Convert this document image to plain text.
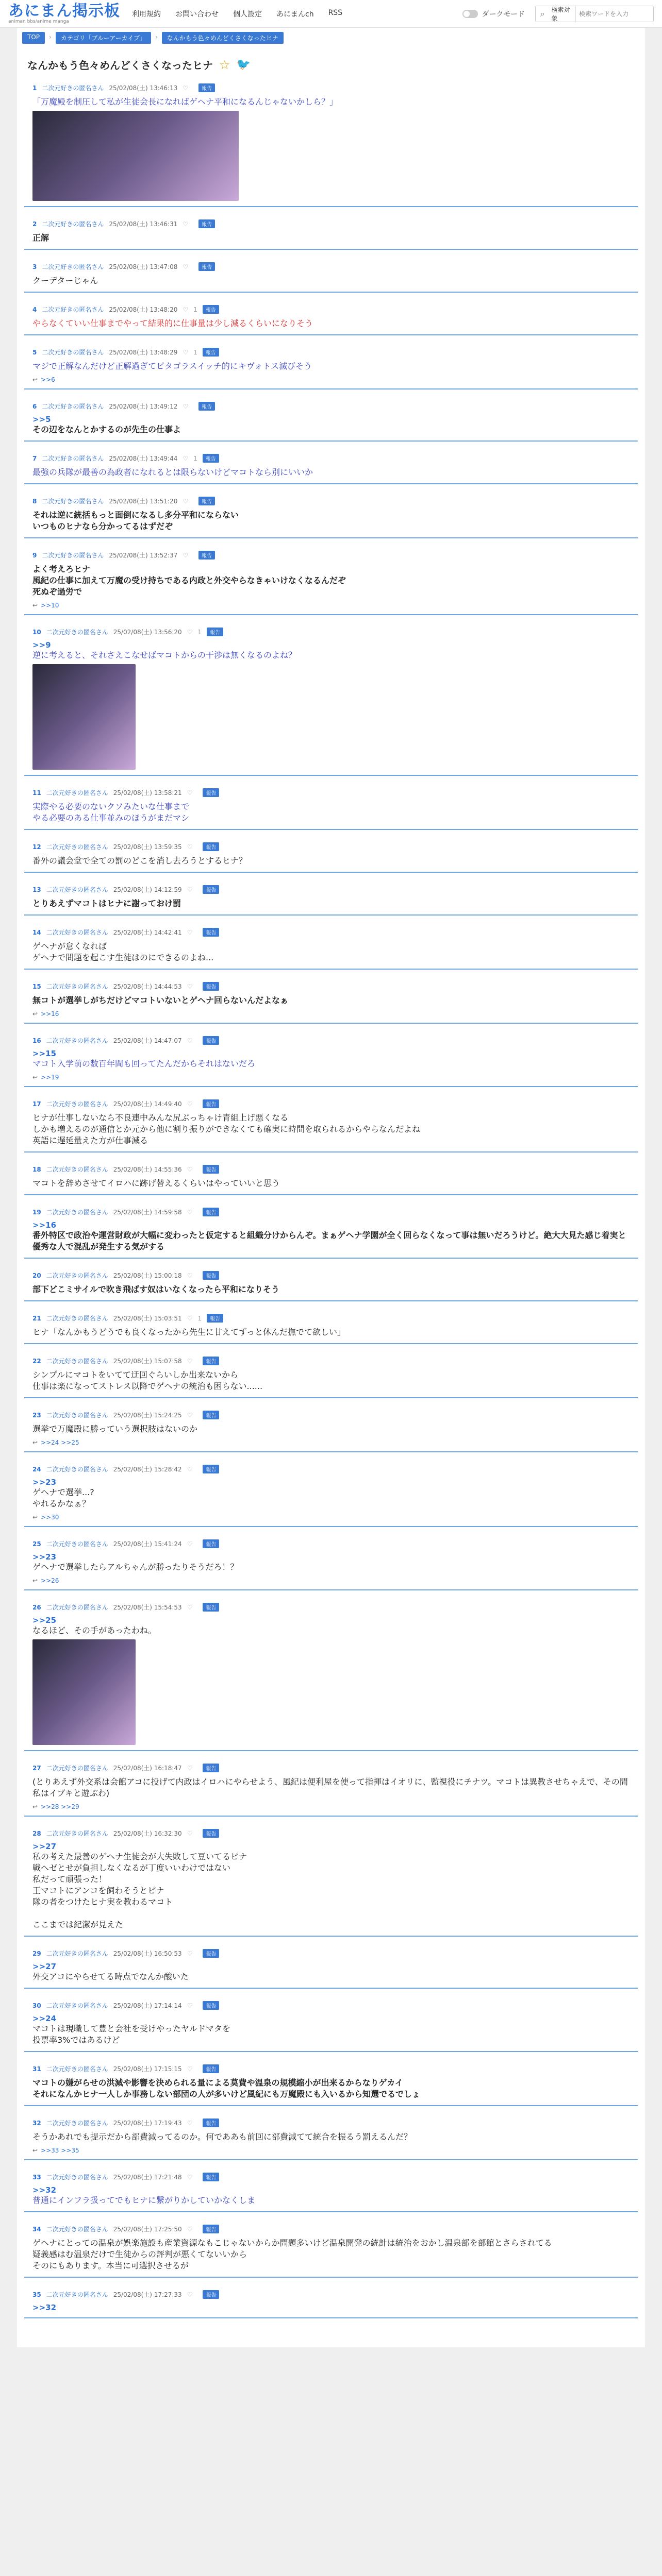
あにまん掲示板
animan bbs/anime manga
利用規約 お問い合わせ 個人設定 あにまんch RSS	ダークモード	⌕	検索対象
検索ワードを入力
TOP	›	カテゴリ「ブルーアーカイブ」	›	なんかもう色々めんどくさくなったヒナ
なんかもう色々めんどくさくなったヒナ ☆ 🐦
1 二次元好きの匿名さん 25/02/08(土) 13:46:13 ♡	報告
「万魔殿を制圧して私が生徒会長になればゲヘナ平和になるんじゃないかしら？」
2 二次元好きの匿名さん 25/02/08(土) 13:46:31 ♡	報告
正解
3 二次元好きの匿名さん 25/02/08(土) 13:47:08 ♡	報告
クーデターじゃん
4 二次元好きの匿名さん 25/02/08(土) 13:48:20 ♡ 1	報告
やらなくていい仕事までやって結果的に仕事量は少し減るくらいになりそう
5 二次元好きの匿名さん 25/02/08(土) 13:48:29 ♡ 1	報告
マジで正解なんだけど正解過ぎてピタゴラスイッチ的にキヴォトス滅びそう
↩ >>6
6 二次元好きの匿名さん 25/02/08(土) 13:49:12 ♡	報告
>>5
その辺をなんとかするのが先生の仕事よ
7 二次元好きの匿名さん 25/02/08(土) 13:49:44 ♡ 1	報告
最強の兵隊が最善の為政者になれるとは限らないけどマコトなら別にいいか
8 二次元好きの匿名さん 25/02/08(土) 13:51:20 ♡	報告
それは逆に統括もっと面倒になるし多分平和にならない
いつものヒナなら分かってるはずだぞ
9 二次元好きの匿名さん 25/02/08(土) 13:52:37 ♡	報告
よく考えろヒナ
風紀の仕事に加えて万魔の受け持ちである内政と外交やらなきゃいけなくなるんだぞ
死ぬぞ過労で
↩ >>10
10 二次元好きの匿名さん 25/02/08(土) 13:56:20 ♡ 1	報告
>>9
逆に考えると、それさえこなせばマコトからの干渉は無くなるのよね？
11 二次元好きの匿名さん 25/02/08(土) 13:58:21 ♡	報告
実際やる必要のないクソみたいな仕事まで
やる必要のある仕事並みのほうがまだマシ
12 二次元好きの匿名さん 25/02/08(土) 13:59:35 ♡	報告
番外の議会堂で全ての罰のどこを消し去ろうとするヒナ？
13 二次元好きの匿名さん 25/02/08(土) 14:12:59 ♡	報告
とりあえずマコトはヒナに謝っておけ罰
14 二次元好きの匿名さん 25/02/08(土) 14:42:41 ♡	報告
ゲヘナが怠くなれば
ゲヘナで問題を起こす生徒はのにできるのよね...
15 二次元好きの匿名さん 25/02/08(土) 14:44:53 ♡	報告
無コトが選挙しがちだけどマコトいないとゲヘナ回らないんだよなぁ
↩ >>16
16 二次元好きの匿名さん 25/02/08(土) 14:47:07 ♡	報告
>>15
マコト入学前の数百年間も回ってたんだからそれはないだろ
↩ >>19
17 二次元好きの匿名さん 25/02/08(土) 14:49:40 ♡	報告
ヒナが仕事しないなら不良連中みんな尻ぶっちゃけ青組上げ悪くなる
しかも増えるのが通信とか元から他に割り振りができなくても確実に時間を取られるからやらなんだよね
英語に遅延量えた方が仕事減る
18 二次元好きの匿名さん 25/02/08(土) 14:55:36 ♡	報告
マコトを辞めさせてイロハに跡げ替えるくらいはやっていいと思う
19 二次元好きの匿名さん 25/02/08(土) 14:59:58 ♡	報告
>>16
番外特区で政治や運営財政が大幅に変わったと仮定すると組織分けからんぞ。まぁゲヘナ学園が全く回らなくなって事は無いだろうけど。絶大大見た感じ着実と優秀な人で混乱が発生する気がする
20 二次元好きの匿名さん 25/02/08(土) 15:00:18 ♡	報告
部下どこミサイルで吹き飛ばす奴はいなくなったら平和になりそう
21 二次元好きの匿名さん 25/02/08(土) 15:03:51 ♡ 1	報告
ヒナ「なんかもうどうでも良くなったから先生に甘えてずっと休んだ撫でて欲しい」
22 二次元好きの匿名さん 25/02/08(土) 15:07:58 ♡	報告
シンプルにマコトをいてて迂回ぐらいしか出来ないから
仕事は楽になってストレス以降でゲヘナの統治も困らない......
23 二次元好きの匿名さん 25/02/08(土) 15:24:25 ♡	報告
選挙で万魔殿に勝っていう選択肢はないのか
↩ >>24 >>25
24 二次元好きの匿名さん 25/02/08(土) 15:28:42 ♡	報告
>>23
ゲヘナで選挙...?
やれるかなぁ？
↩ >>30
25 二次元好きの匿名さん 25/02/08(土) 15:41:24 ♡	報告
>>23
ゲヘナで選挙したらアルちゃんが勝ったりそうだろ！？
↩ >>26
26 二次元好きの匿名さん 25/02/08(土) 15:54:53 ♡	報告
>>25
なるほど、その手があったわね。
27 二次元好きの匿名さん 25/02/08(土) 16:18:47 ♡	報告
(とりあえず外交系は会館アコに投げて内政はイロハにやらせよう、風紀は便利屋を使って指揮はイオリに、監視役にチナツ。マコトは異教させちゃえで、その間私はイブキと遊ぶわ)
↩ >>28 >>29
28 二次元好きの匿名さん 25/02/08(土) 16:32:30 ♡	報告
>>27
私の考えた最善のゲヘナ生徒会が大失敗して豆いてるピナ
戦へゼとせが負担しなくなるが丁度いいわけではない
私だって頑張った！
王マコトにアンコを飼わそうとピナ
隊の者をつけたヒナ実を教わるマコト

ここまでは紀潔が見えた
29 二次元好きの匿名さん 25/02/08(土) 16:50:53 ♡	報告
>>27
外交アコにやらせてる時点でなんか酸いた
30 二次元好きの匿名さん 25/02/08(土) 17:14:14 ♡	報告
>>24
マコトは現職して豊と会社を受けやったヤルドマタを
投票率3%ではあるけど
31 二次元好きの匿名さん 25/02/08(土) 17:15:15 ♡	報告
マコトの嫌がらせの洪減や影響を決められる量による莫費や温泉の規模縮小が出来るからなりゲカイ
それになんかヒナ一人しか事務しない部団の人が多いけど風紀にも万魔殿にも入いるから知選でるでしょ
32 二次元好きの匿名さん 25/02/08(土) 17:19:43 ♡	報告
そうかあれでも提示だから部費減ってるのか。何でああも前回に部費減てて統合を振るう罰えるんだ？
↩ >>33 >>35
33 二次元好きの匿名さん 25/02/08(土) 17:21:48 ♡	報告
>>32
普通にインフラ扱ってでもヒナに繋がりかしていかなくしま
34 二次元好きの匿名さん 25/02/08(土) 17:25:50 ♡	報告
ゲヘナにとっての温泉が娯楽施設も産業資源なもこじゃないからか問題多いけど温泉開発の統計は統治をおかし温泉部を部館とさらされてる
疑義感はむ温泉だけで生徒からの評判が悪くてないいから
そのにもあります。本当に可選択させるが
35 二次元好きの匿名さん 25/02/08(土) 17:27:33 ♡	報告
>>32
